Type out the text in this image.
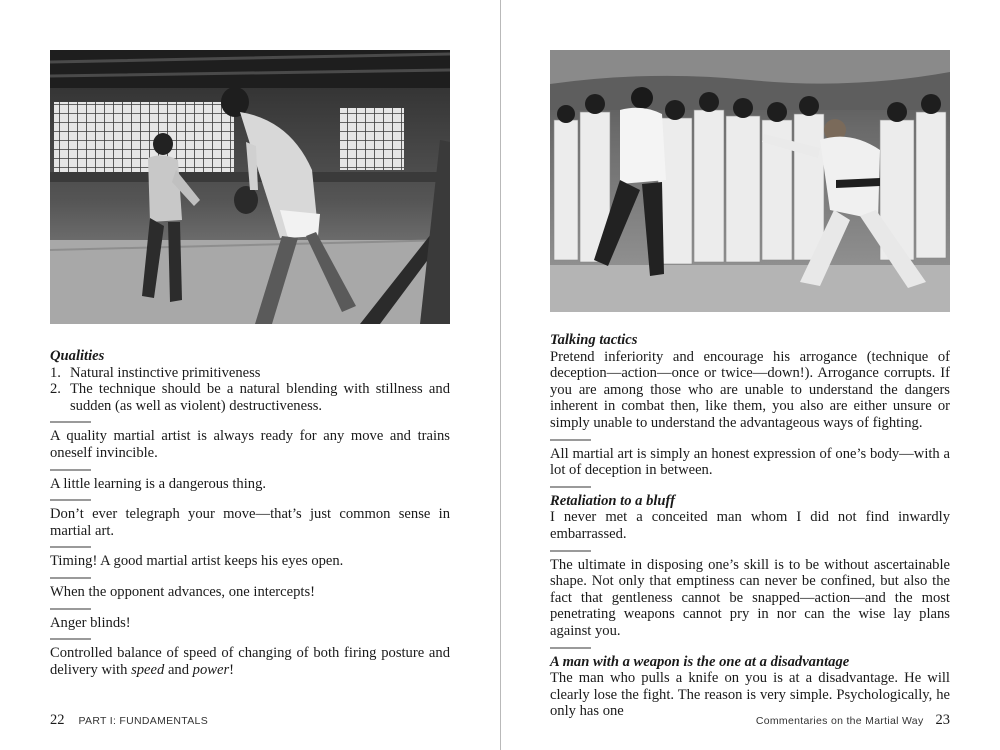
Qualities
1. Natural instinctive primitiveness
2. The technique should be a natural blending with stillness and sudden (as well as violent) destructiveness.
A quality martial artist is always ready for any move and trains oneself invincible.
A little learning is a dangerous thing.
Don’t ever telegraph your move—that’s just common sense in martial art.
Timing! A good martial artist keeps his eyes open.
When the opponent advances, one intercepts!
Anger blinds!
Controlled balance of speed of changing of both firing posture and delivery with speed and power!
22 PART I: FUNDAMENTALS
Talking tactics
Pretend inferiority and encourage his arrogance (technique of deception—action—once or twice—down!). Arrogance corrupts. If you are among those who are unable to understand the dangers inherent in combat then, like them, you also are either unsure or simply unable to understand the advantageous ways of fighting.
All martial art is simply an honest expression of one’s body—with a lot of deception in between.
Retaliation to a bluff
I never met a conceited man whom I did not find inwardly embarrassed.
The ultimate in disposing one’s skill is to be without ascertainable shape. Not only that emptiness can never be confined, but also the fact that gentleness cannot be snapped—action—and the most penetrating weapons cannot pry in nor can the wise lay plans against you.
A man with a weapon is the one at a disadvantage
The man who pulls a knife on you is at a disadvantage. He will clearly lose the fight. The reason is very simple. Psychologically, he only has one
Commentaries on the Martial Way 23
